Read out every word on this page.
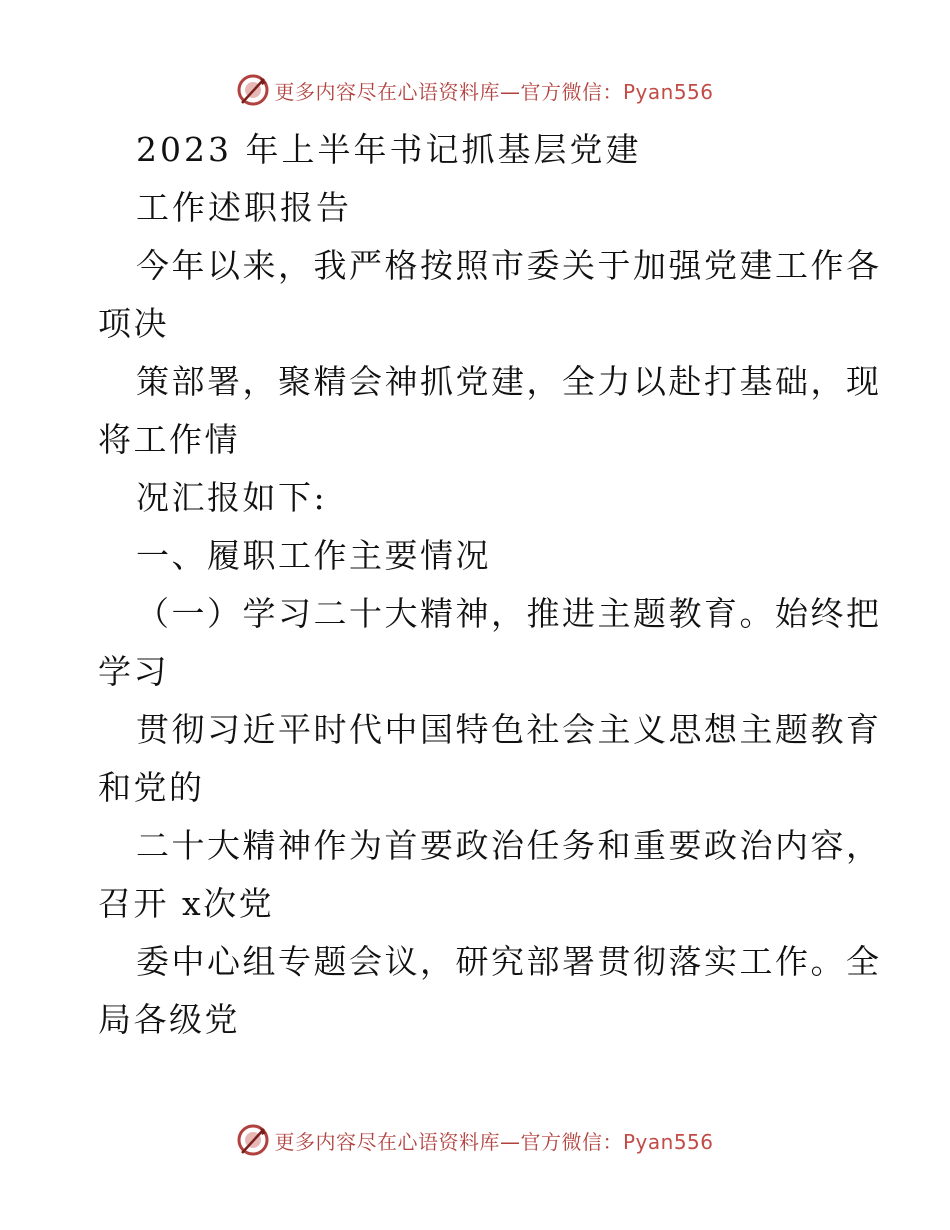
更多内容尽在心语资料库—官方微信：Pyan556
2023 年上半年书记抓基层党建
工作述职报告
今年以来，我严格按照市委关于加强党建工作各
项决
策部署，聚精会神抓党建，全力以赴打基础，现
将工作情
况汇报如下:
一、履职工作主要情况
（一）学习二十大精神，推进主题教育。始终把
学习
贯彻习近平时代中国特色社会主义思想主题教育
和党的
二十大精神作为首要政治任务和重要政治内容，
召开 x次党
委中心组专题会议，研究部署贯彻落实工作。全
局各级党
更多内容尽在心语资料库—官方微信：Pyan556
